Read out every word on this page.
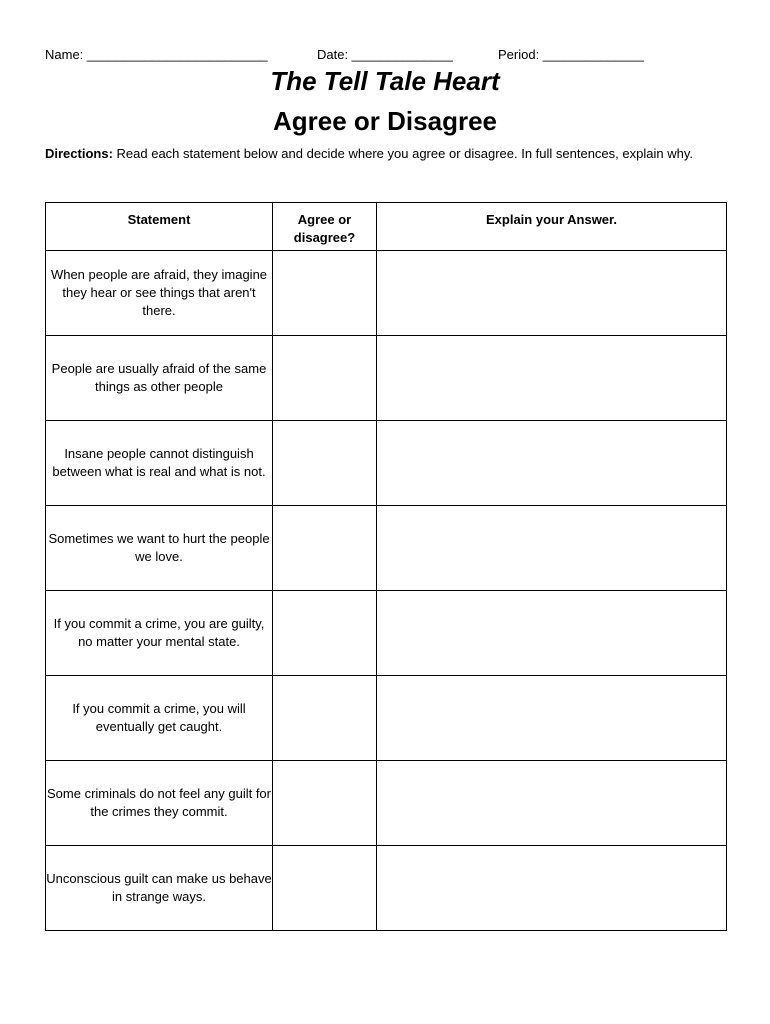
Name: _________________________	Date: ______________	Period: ______________
The Tell Tale Heart
Agree or Disagree
Directions: Read each statement below and decide where you agree or disagree. In full sentences, explain why.
Statement	Agree or disagree?	Explain your Answer.
When people are afraid, they imagine they hear or see things that aren't there.		
People are usually afraid of the same things as other people		
Insane people cannot distinguish between what is real and what is not.		
Sometimes we want to hurt the people we love.		
If you commit a crime, you are guilty, no matter your mental state.		
If you commit a crime, you will eventually get caught.		
Some criminals do not feel any guilt for the crimes they commit.		
Unconscious guilt can make us behave in strange ways.		
